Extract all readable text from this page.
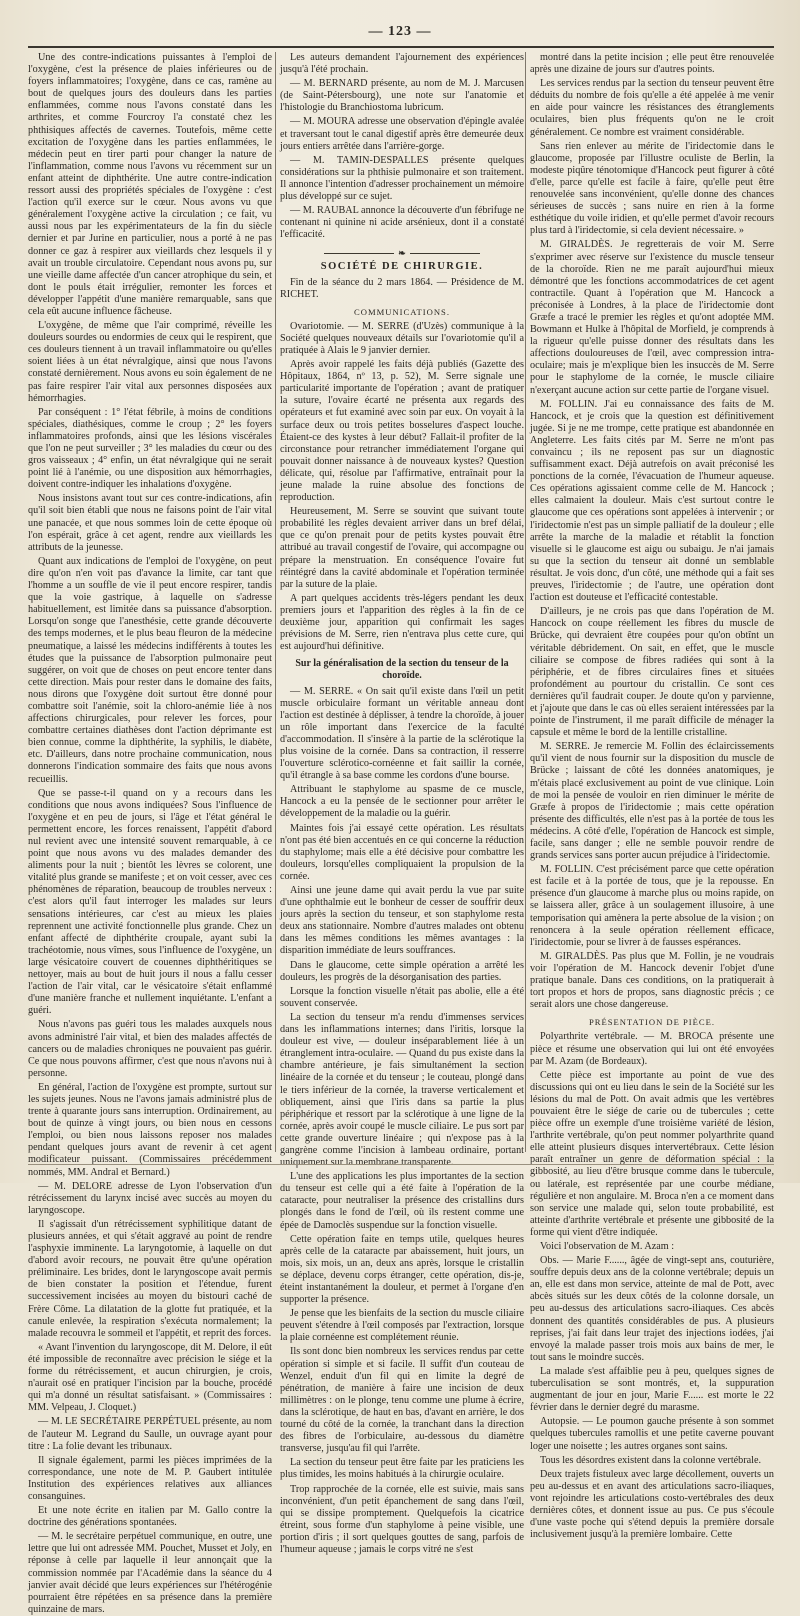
— 123 —

Une des contre-indications puissantes à l'emploi de l'oxygène, c'est la présence de plaies inférieures ou de foyers inflammatoires; l'oxygène, dans ce cas, ramène au bout de quelques jours des douleurs dans les parties enflammées, comme nous l'avons constaté dans les arthrites, et comme Fourcroy l'a constaté chez les phthisiques affectés de cavernes. Toutefois, même cette excitation de l'oxygène dans les parties enflammées, le médecin peut en tirer parti pour changer la nature de l'inflammation, comme nous l'avons vu récemment sur un enfant atteint de diphthérite. Une autre contre-indication ressort aussi des propriétés spéciales de l'oxygène : c'est l'action qu'il exerce sur le cœur. Nous avons vu que généralement l'oxygène active la circulation ; ce fait, vu aussi nous par les expérimentateurs de la fin du siècle dernier et par Jurine en particulier, nous a porté à ne pas donner ce gaz à respirer aux vieillards chez lesquels il y avait un trouble circulatoire. Cependant nous avons pu, sur une vieille dame affectée d'un cancer atrophique du sein, et dont le pouls était irrégulier, remonter les forces et développer l'appétit d'une manière remarquable, sans que cela eût aucune influence fâcheuse.

L'oxygène, de même que l'air comprimé, réveille les douleurs sourdes ou endormies de ceux qui le respirent, que ces douleurs tiennent à un travail inflammatoire ou qu'elles soient liées à un état névralgique, ainsi que nous l'avons constaté dernièrement. Nous avons eu soin également de ne pas faire respirer l'air vital aux personnes disposées aux hémorrhagies.

Par conséquent : 1° l'état fébrile, à moins de conditions spéciales, diathésiques, comme le croup ; 2° les foyers inflammatoires profonds, ainsi que les lésions viscérales que l'on ne peut surveiller ; 3° les maladies du cœur ou des gros vaisseaux ; 4° enfin, un état névralgique qui ne serait point lié à l'anémie, ou une disposition aux hémorrhagies, doivent contre-indiquer les inhalations d'oxygène.

Nous insistons avant tout sur ces contre-indications, afin qu'il soit bien établi que nous ne faisons point de l'air vital une panacée, et que nous sommes loin de cette époque où l'on espérait, grâce à cet agent, rendre aux vieillards les attributs de la jeunesse.

Quant aux indications de l'emploi de l'oxygène, on peut dire qu'on n'en voit pas d'avance la limite, car tant que l'homme a un souffle de vie il peut encore respirer, tandis que la voie gastrique, à laquelle on s'adresse habituellement, est limitée dans sa puissance d'absorption. Lorsqu'on songe que l'anesthésie, cette grande découverte des temps modernes, et le plus beau fleuron de la médecine pneumatique, a laissé les médecins indifférents à toutes les études que la puissance de l'absorption pulmonaire peut suggérer, on voit que de choses on peut encore tenter dans cette direction. Mais pour rester dans le domaine des faits, nous dirons que l'oxygène doit surtout être donné pour combattre soit l'anémie, soit la chloro-anémie liée à nos affections chirurgicales, pour relever les forces, pour combattre certaines diathèses dont l'action déprimante est bien connue, comme la diphthérite, la syphilis, le diabète, etc. D'ailleurs, dans notre prochaine communication, nous donnerons l'indication sommaire des faits que nous avons recueillis.

Que se passe-t-il quand on y a recours dans les conditions que nous avons indiquées? Sous l'influence de l'oxygène et en peu de jours, si l'âge et l'état général le permettent encore, les forces renaissent, l'appétit d'abord nul revient avec une intensité souvent remarquable, à ce point que nous avons vu des malades demander des aliments pour la nuit ; bientôt les lèvres se colorent, une vitalité plus grande se manifeste ; et on voit cesser, avec ces phénomènes de réparation, beaucoup de troubles nerveux : c'est alors qu'il faut interroger les malades sur leurs sensations intérieures, car c'est au mieux les plaies reprennent une activité fonctionnelle plus grande. Chez un enfant affecté de diphthérite croupale, ayant subi la trachéotomie, nous vîmes, sous l'influence de l'oxygène, un large vésicatoire couvert de couennes diphthéritiques se nettoyer, mais au bout de huit jours il nous a fallu cesser l'action de l'air vital, car le vésicatoire s'était enflammé d'une manière franche et nullement inquiétante. L'enfant a guéri.

Nous n'avons pas guéri tous les malades auxquels nous avons administré l'air vital, et bien des malades affectés de cancers ou de maladies chroniques ne pouvaient pas guérir. Ce que nous pouvons affirmer, c'est que nous n'avons nui à personne.

En général, l'action de l'oxygène est prompte, surtout sur les sujets jeunes. Nous ne l'avons jamais administré plus de trente à quarante jours sans interruption. Ordinairement, au bout de quinze à vingt jours, ou bien nous en cessons l'emploi, ou bien nous laissons reposer nos malades pendant quelques jours avant de revenir à cet agent modificateur puissant. (Commissaires précédemment nommés, MM. Andral et Bernard.)

— M. DELORE adresse de Lyon l'observation d'un rétrécissement du larynx incisé avec succès au moyen du laryngoscope.

Il s'agissait d'un rétrécissement syphilitique datant de plusieurs années, et qui s'était aggravé au point de rendre l'asphyxie imminente. La laryngotomie, à laquelle on dut d'abord avoir recours, ne pouvait être qu'une opération préliminaire. Les brides, dont le laryngoscope avait permis de bien constater la position et l'étendue, furent successivement incisées au moyen du bistouri caché de Frère Côme. La dilatation de la glotte fut pratiquée, et la canule enlevée, la respiration s'exécuta normalement; la malade recouvra le sommeil et l'appétit, et reprit des forces.

« Avant l'invention du laryngoscope, dit M. Delore, il eût été impossible de reconnaître avec précision le siége et la forme du rétrécissement, et aucun chirurgien, je crois, n'aurait osé en pratiquer l'incision par la bouche, procédé qui m'a donné un résultat satisfaisant. » (Commissaires : MM. Velpeau, J. Cloquet.)

— M. LE SECRÉTAIRE PERPÉTUEL présente, au nom de l'auteur M. Legrand du Saulle, un ouvrage ayant pour titre : La folie devant les tribunaux.

Il signale également, parmi les pièces imprimées de la correspondance, une note de M. P. Gaubert intitulée Institution des expériences relatives aux alliances consanguines.

Et une note écrite en italien par M. Gallo contre la doctrine des générations spontanées.

— M. le secrétaire perpétuel communique, en outre, une lettre que lui ont adressée MM. Pouchet, Musset et Joly, en réponse à celle par laquelle il leur annonçait que la commission nommée par l'Académie dans la séance du 4 janvier avait décidé que leurs expériences sur l'hétérogénie pourraient être répétées en sa présence dans la première quinzaine de mars.

Les auteurs demandent l'ajournement des expériences jusqu'à l'été prochain.

— M. BERNARD présente, au nom de M. J. Marcusen (de Saint-Pétersbourg), une note sur l'anatomie et l'histologie du Branchiostoma lubricum.

— M. MOURA adresse une observation d'épingle avalée et traversant tout le canal digestif après être demeurée deux jours entiers arrêtée dans l'arrière-gorge.

— M. TAMIN-DESPALLES présente quelques considérations sur la phthisie pulmonaire et son traitement. Il annonce l'intention d'adresser prochainement un mémoire plus développé sur ce sujet.

— M. RAUBAL annonce la découverte d'un fébrifuge ne contenant ni quinine ni acide arsénieux, dont il a constaté l'efficacité.

❧

SOCIÉTÉ DE CHIRURGIE.

Fin de la séance du 2 mars 1864. — Présidence de M. RICHET.

COMMUNICATIONS.

Ovariotomie. — M. SERRE (d'Uzès) communique à la Société quelques nouveaux détails sur l'ovariotomie qu'il a pratiquée à Alais le 9 janvier dernier.

Après avoir rappelé les faits déjà publiés (Gazette des Hôpitaux, 1864, nº 13, p. 52), M. Serre signale une particularité importante de l'opération ; avant de pratiquer la suture, l'ovaire écarté ne présenta aux regards des opérateurs et fut examiné avec soin par eux. On voyait à la surface deux ou trois petites bosselures d'aspect louche. Étaient-ce des kystes à leur début? Fallait-il profiter de la circonstance pour retrancher immédiatement l'organe qui pouvait donner naissance à de nouveaux kystes? Question délicate, qui, résolue par l'affirmative, entraînait pour la jeune malade la ruine absolue des fonctions de reproduction.

Heureusement, M. Serre se souvint que suivant toute probabilité les règles devaient arriver dans un bref délai, que ce qu'on prenait pour de petits kystes pouvait être attribué au travail congestif de l'ovaire, qui accompagne ou prépare la menstruation. En conséquence l'ovaire fut réintégré dans la cavité abdominale et l'opération terminée par la suture de la plaie.

A part quelques accidents très-légers pendant les deux premiers jours et l'apparition des règles à la fin de ce deuxième jour, apparition qui confirmait les sages prévisions de M. Serre, rien n'entrava plus cette cure, qui est aujourd'hui définitive.

Sur la généralisation de la section du tenseur de la choroïde.

— M. SERRE. « On sait qu'il existe dans l'œil un petit muscle orbiculaire formant un véritable anneau dont l'action est destinée à déplisser, à tendre la choroïde, à jouer un rôle important dans l'exercice de la faculté d'accommodation. Il s'insère à la partie de la sclérotique la plus voisine de la cornée. Dans sa contraction, il resserre l'ouverture sclérotico-cornéenne et fait saillir la cornée, qu'il étrangle à sa base comme les cordons d'une bourse.

Attribuant le staphylome au spasme de ce muscle, Hancock a eu la pensée de le sectionner pour arrêter le développement de la maladie ou la guérir.

Maintes fois j'ai essayé cette opération. Les résultats n'ont pas été bien accentués en ce qui concerne la réduction du staphylome; mais elle a été décisive pour combattre les douleurs, lorsqu'elles compliquaient la propulsion de la cornée.

Ainsi une jeune dame qui avait perdu la vue par suite d'une ophthalmie eut le bonheur de cesser de souffrir deux jours après la section du tenseur, et son staphylome resta deux ans stationnaire. Nombre d'autres malades ont obtenu dans les mêmes conditions les mêmes avantages : la disparition immédiate de leurs souffrances.

Dans le glaucome, cette simple opération a arrêté les douleurs, les progrès de la désorganisation des parties.

Lorsque la fonction visuelle n'était pas abolie, elle a été souvent conservée.

La section du tenseur m'a rendu d'immenses services dans les inflammations internes; dans l'iritis, lorsque la douleur est vive, — douleur inséparablement liée à un étranglement intra-oculaire. — Quand du pus existe dans la chambre antérieure, je fais simultanément la section linéaire de la cornée et du tenseur ; le couteau, plongé dans le tiers inférieur de la cornée, la traverse verticalement et obliquement, ainsi que l'iris dans sa partie la plus périphérique et ressort par la sclérotique à une ligne de la cornée, après avoir coupé le muscle ciliaire. Le pus sort par cette grande ouverture linéaire ; qui n'expose pas à la gangrène comme l'incision à lambeau ordinaire, portant uniquement sur la membrane transparente.

L'une des applications les plus importantes de la section du tenseur est celle qui a été faite à l'opération de la cataracte, pour neutraliser la présence des cristallins durs plongés dans le fond de l'œil, où ils restent comme une épée de Damoclès suspendue sur la fonction visuelle.

Cette opération faite en temps utile, quelques heures après celle de la cataracte par abaissement, huit jours, un mois, six mois, un an, deux ans après, lorsque le cristallin se déplace, devenu corps étranger, cette opération, dis-je, éteint instantanément la douleur, et permet à l'organe d'en supporter la présence.

Je pense que les bienfaits de la section du muscle ciliaire peuvent s'étendre à l'œil composés par l'extraction, lorsque la plaie cornéenne est complétement réunie.

Ils sont donc bien nombreux les services rendus par cette opération si simple et si facile. Il suffit d'un couteau de Wenzel, enduit d'un fil qui en limite la degré de pénétration, de manière à faire une incision de deux millimètres : on le plonge, tenu comme une plume à écrire, dans la sclérotique, de haut en bas, d'avant en arrière, le dos tourné du côté de la cornée, la tranchant dans la direction des fibres de l'orbiculaire, au-dessous du diamètre transverse, jusqu'au fil qui l'arrête.

La section du tenseur peut être faite par les praticiens les plus timides, les moins habitués à la chirurgie oculaire.

Trop rapprochée de la cornée, elle est suivie, mais sans inconvénient, d'un petit épanchement de sang dans l'œil, qui se dissipe promptement. Quelquefois la cicatrice étreint, sous forme d'un staphylome à peine visible, une portion d'iris ; il sort quelques gouttes de sang, parfois de l'humeur aqueuse ; jamais le corps vitré ne s'est

montré dans la petite incision ; elle peut être renouvelée après une dizaine de jours sur d'autres points.

Les services rendus par la section du tenseur peuvent être déduits du nombre de fois qu'elle a été appelée à me venir en aide pour vaincre les résistances des étranglements oculaires, bien plus fréquents qu'on ne le croit généralement. Ce nombre est vraiment considérable.

Sans rien enlever au mérite de l'iridectomie dans le glaucome, proposée par l'illustre oculiste de Berlin, la modeste piqûre ténotomique d'Hancock peut figurer à côté d'elle, parce qu'elle est facile à faire, qu'elle peut être renouvelée sans inconvénient, qu'elle donne des chances sérieuses de succès ; sans nuire en rien à la forme esthétique du voile iridien, et qu'elle permet d'avoir recours plus tard à l'iridectomie, si cela devient nécessaire. »

M. GIRALDÈS. Je regretterais de voir M. Serre s'exprimer avec réserve sur l'existence du muscle tenseur de la choroïde. Rien ne me paraît aujourd'hui mieux démontré que les fonctions accommodatrices de cet agent contractile. Quant à l'opération que M. Hancock a préconisée à Londres, à la place de l'iridectomie dont Græfe a tracé le premier les règles et qu'ont adoptée MM. Bowmann et Hulke à l'hôpital de Morfield, je comprends à la rigueur qu'elle puisse donner des résultats dans les affections douloureuses de l'œil, avec compression intra-oculaire; mais je m'explique bien les insuccès de M. Serre pour le staphylome de la cornée, le muscle ciliaire n'exerçant aucune action sur cette partie de l'organe visuel.

M. FOLLIN. J'ai eu connaissance des faits de M. Hancock, et je crois que la question est définitivement jugée. Si je ne me trompe, cette pratique est abandonnée en Angleterre. Les faits cités par M. Serre ne m'ont pas convaincu ; ils ne reposent pas sur un diagnostic suffisamment exact. Déjà autrefois on avait préconisé les ponctions de la cornée, l'évacuation de l'humeur aqueuse. Ces opérations agissaient comme celle de M. Hancock ; elles calmaient la douleur. Mais c'est surtout contre le glaucome que ces opérations sont appelées à intervenir ; or l'iridectomie n'est pas un simple palliatif de la douleur ; elle arrête la marche de la maladie et rétablit la fonction visuelle si le glaucome est aigu ou subaigu. Je n'ai jamais su que la section du tenseur ait donné un semblable résultat. Je vois donc, d'un côté, une méthode qui a fait ses preuves, l'iridectomie ; de l'autre, une opération dont l'action est douteuse et l'efficacité contestable.

D'ailleurs, je ne crois pas que dans l'opération de M. Hancock on coupe réellement les fibres du muscle de Brücke, qui devraient être coupées pour qu'on obtînt un véritable débridement. On sait, en effet, que le muscle ciliaire se compose de fibres radiées qui sont à la périphérie, et de fibres circulaires fines et situées profondément au pourtour du cristallin. Ce sont ces dernières qu'il faudrait couper. Je doute qu'on y parvienne, et j'ajoute que dans le cas où elles seraient intéressées par la pointe de l'instrument, il me paraît difficile de ménager la capsule et même le bord de la lentille cristalline.

M. SERRE. Je remercie M. Follin des éclaircissements qu'il vient de nous fournir sur la disposition du muscle de Brücke ; laissant de côté les données anatomiques, je m'étais placé exclusivement au point de vue clinique. Loin de moi la pensée de vouloir en rien diminuer le mérite de Græfe à propos de l'iridectomie ; mais cette opération présente des difficultés, elle n'est pas à la portée de tous les médecins. A côté d'elle, l'opération de Hancock est simple, facile, sans danger ; elle ne semble pouvoir rendre de grands services sans porter aucun préjudice à l'iridectomie.

M. FOLLIN. C'est précisément parce que cette opération est facile et à la portée de tous, que je la repousse. En présence d'un glaucome à marche plus ou moins rapide, on se laissera aller, grâce à un soulagement illusoire, à une temporisation qui amènera la perte absolue de la vision ; on renoncera à la seule opération réellement efficace, l'iridectomie, pour se livrer à de fausses espérances.

M. GIRALDÈS. Pas plus que M. Follin, je ne voudrais voir l'opération de M. Hancock devenir l'objet d'une pratique banale. Dans ces conditions, on la pratiquerait à tort propos et hors de propos, sans diagnostic précis ; ce serait alors une chose dangereuse.

PRÉSENTATION DE PIÈCE.

Polyarthrite vertébrale. — M. BROCA présente une pièce et résume une observation qui lui ont été envoyées par M. Azam (de Bordeaux).

Cette pièce est importante au point de vue des discussions qui ont eu lieu dans le sein de la Société sur les lésions du mal de Pott. On avait admis que les vertèbres pouvaient être le siége de carie ou de tubercules ; cette pièce offre un exemple d'une troisième variété de lésion, l'arthrite vertébrale, qu'on peut nommer polyarthrite quand elle atteint plusieurs disques intervertébraux. Cette lésion paraît entraîner un genre de déformation spécial : la gibbosité, au lieu d'être brusque comme dans le tubercule, ou latérale, est représentée par une courbe médiane, régulière et non angulaire. M. Broca n'en a ce moment dans son service une malade qui, selon toute probabilité, est atteinte d'arthrite vertébrale et présente une gibbosité de la forme qui vient d'être indiquée.

Voici l'observation de M. Azam :

Obs. — Marie F......, âgée de vingt-sept ans, couturière, souffre depuis deux ans de la colonne vertébrale; depuis un an, elle est dans mon service, atteinte de mal de Pott, avec abcès situés sur les deux côtés de la colonne dorsale, un peu au-dessus des articulations sacro-iliaques. Ces abcès donnent des quantités considérables de pus. A plusieurs reprises, j'ai fait dans leur trajet des injections iodées, j'ai envoyé la malade passer trois mois aux bains de mer, le tout sans le moindre succès.

La malade s'est affaiblie peu à peu, quelques signes de tuberculisation se sont montrés, et, la suppuration augmentant de jour en jour, Marie F...... est morte le 22 février dans le dernier degré du marasme.

Autopsie. — Le poumon gauche présente à son sommet quelques tubercules ramollis et une petite caverne pouvant loger une noisette ; les autres organes sont sains.

Tous les désordres existent dans la colonne vertébrale.

Deux trajets fistuleux avec large décollement, ouverts un peu au-dessus et en avant des articulations sacro-iliaques, vont rejoindre les articulations costo-vertébrales des deux dernières côtes, et donnent issue au pus. Ce pus s'écoule d'une vaste poche qui s'étend depuis la première dorsale inclusivement jusqu'à la première lombaire. Cette
